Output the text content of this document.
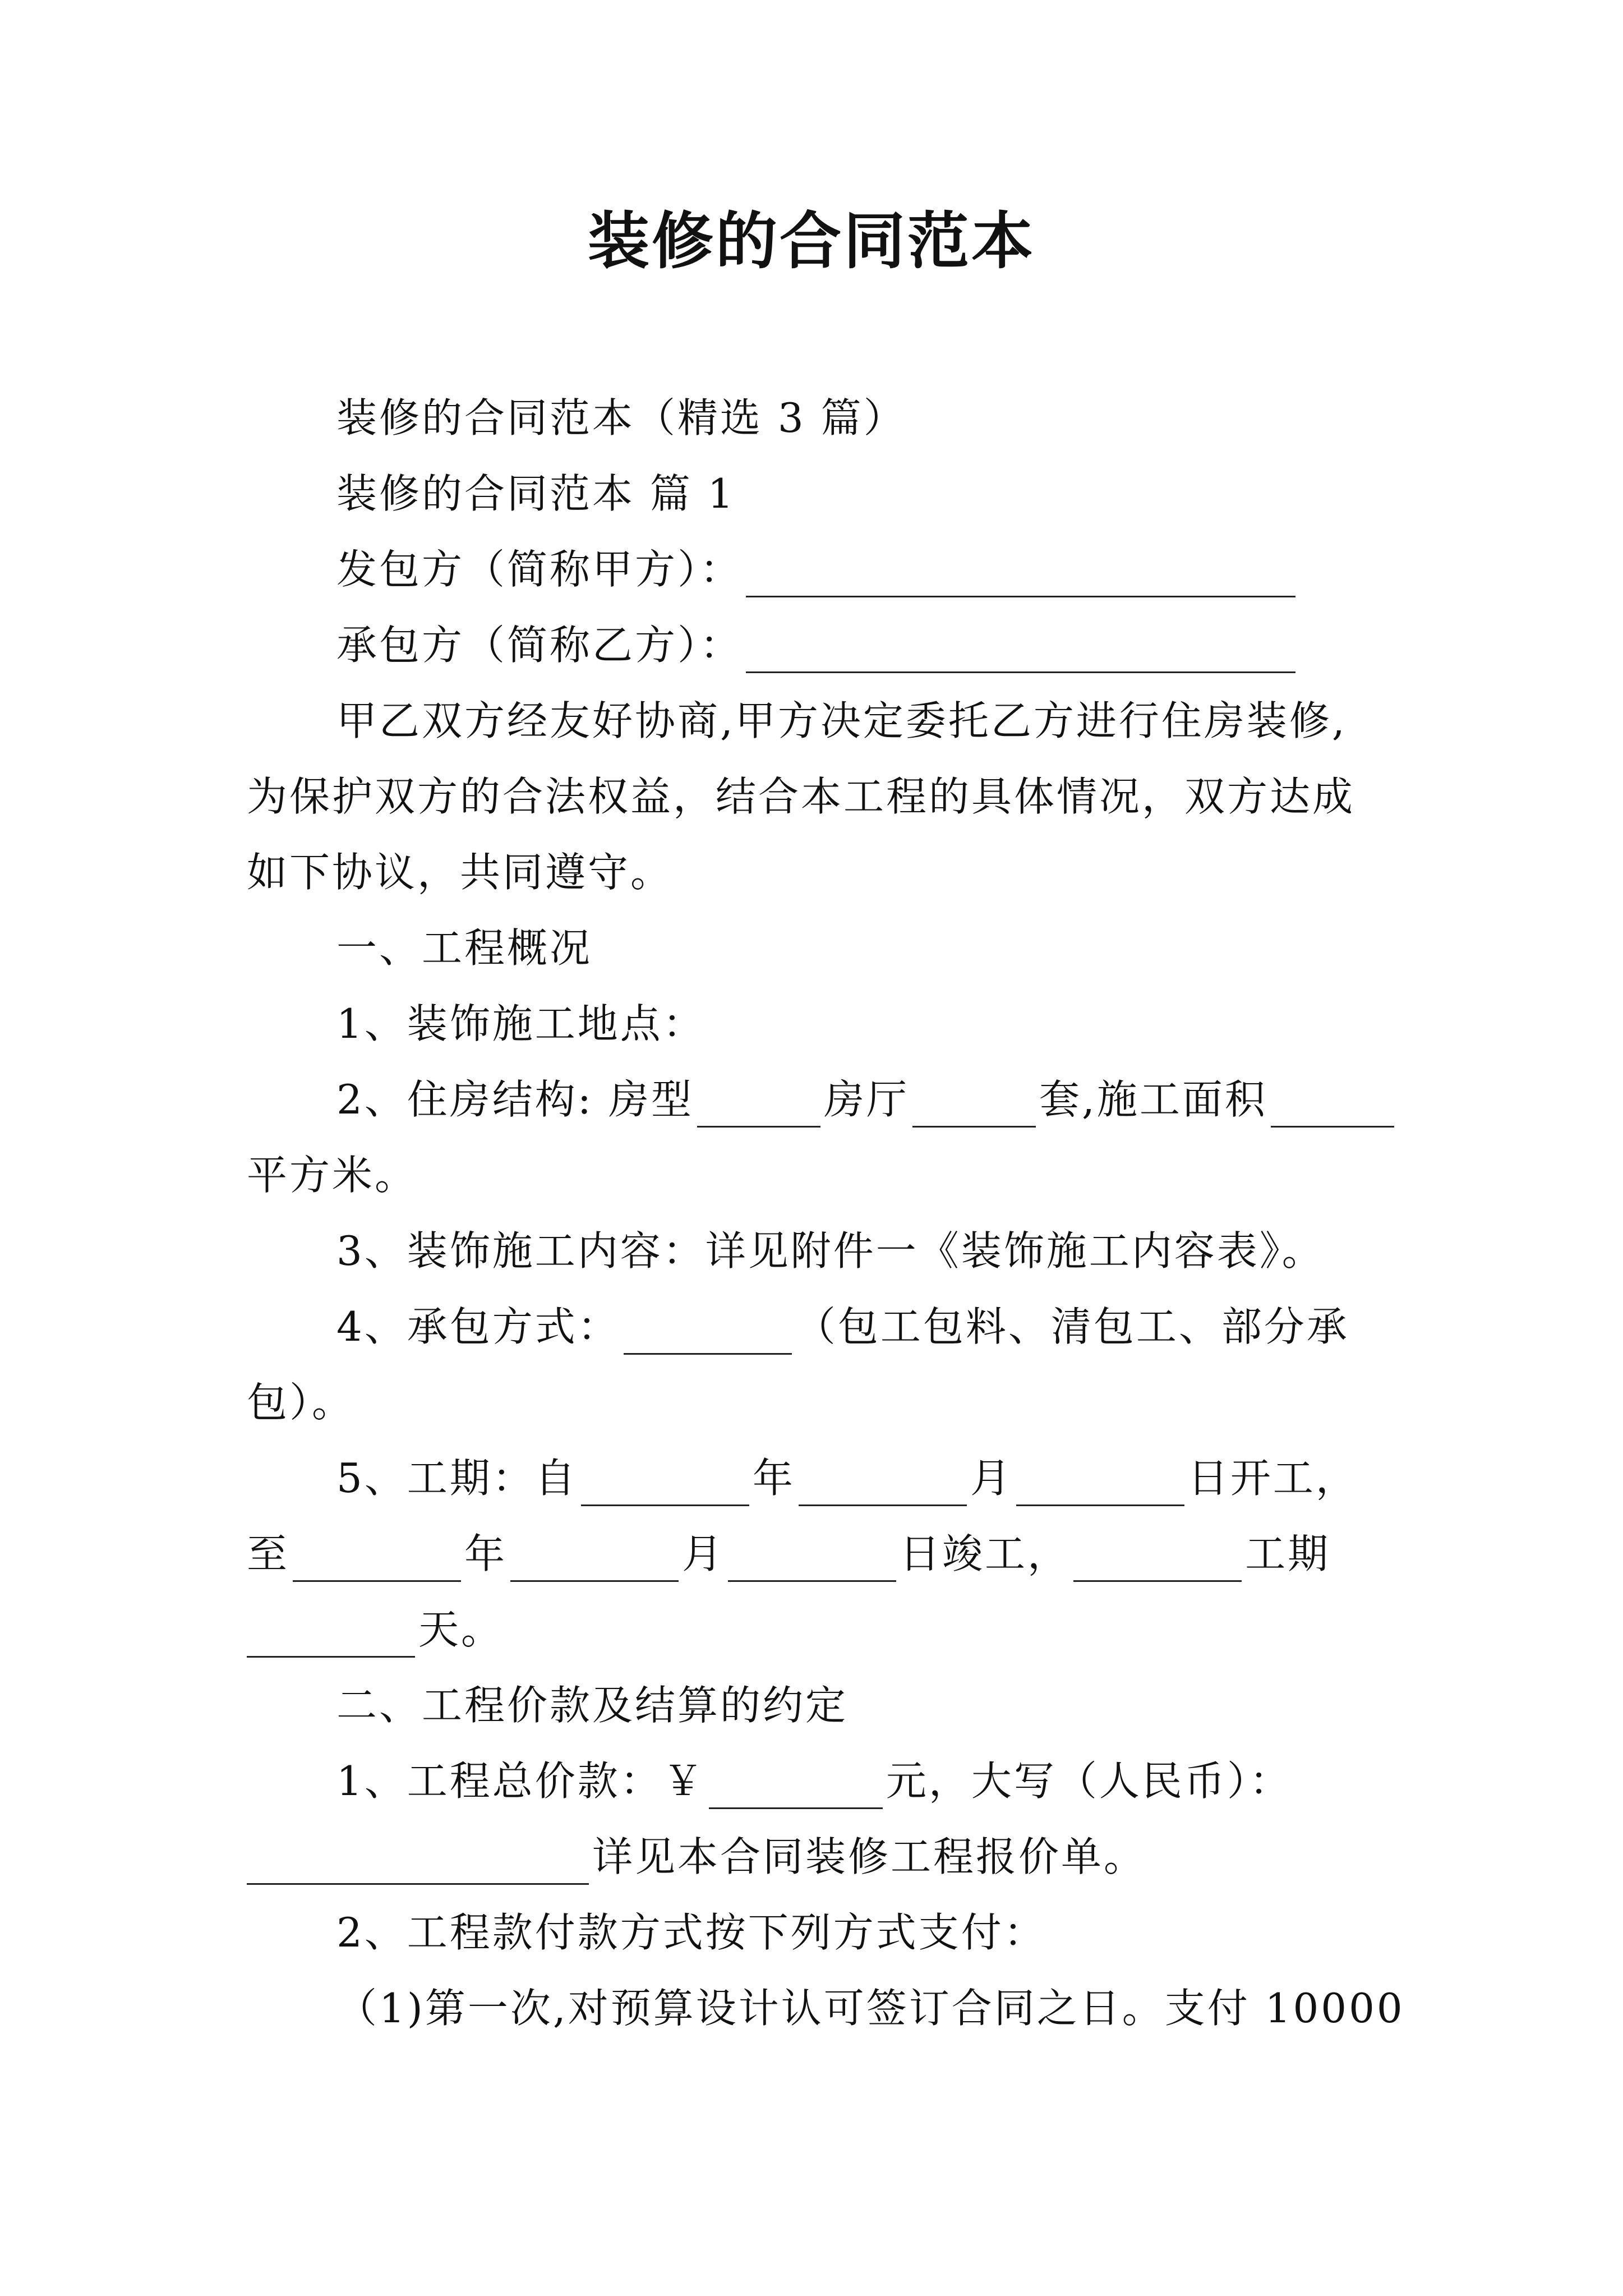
装修的合同范本
装修的合同范本（精选 3 篇）
装修的合同范本 篇 1
发包方（简称甲方）：
承包方（简称乙方）：
甲乙双方经友好协商,甲方决定委托乙方进行住房装修,
为保护双方的合法权益，结合本工程的具体情况，双方达成
如下协议，共同遵守。
一、工程概况
1、装饰施工地点：
2、住房结构: 房型	房厅	套,施工面积
平方米。
3、装饰施工内容：详见附件一《装饰施工内容表》。
4、承包方式：	（包工包料、清包工、部分承
包）。
5、工期：自	年	月	日开工，
至	年	月	日竣工，	工期
天。
二、工程价款及结算的约定
1、工程总价款：￥	元，大写（人民币）：
详见本合同装修工程报价单。
2、工程款付款方式按下列方式支付：
（1)第一次,对预算设计认可签订合同之日。支付 10000
